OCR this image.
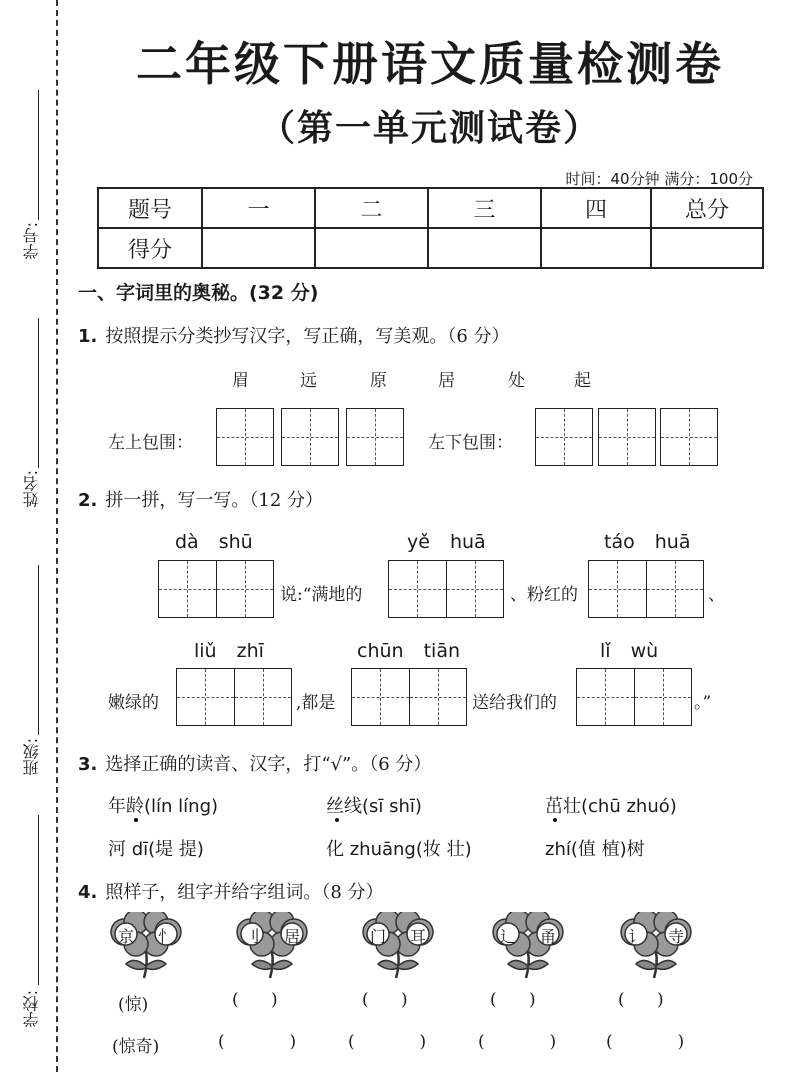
学号:
姓名:
班级:
学校:
二年级下册语文质量检测卷
（第一单元测试卷）
时间：40分钟 满分：100分
题号	一	二	三	四	总分
得分					
一、字词里的奥秘。(32 分)
1. 按照提示分类抄写汉字，写正确，写美观。（6 分）
眉	远	原	居	处	起
左上包围：	左下包围：
2. 拼一拼，写一写。（12 分）
dà shū	yě huā	táo huā
说:“满地的	、粉红的	、
liǔ zhī	chūn tiān	lǐ wù
嫩绿的	,都是	送给我们的	。”
3. 选择正确的读音、汉字，打“√”。（6 分）
年龄(lín líng)	丝线(sī shī)	茁壮(chū zhuó)
河 dī(堤 提)	化 zhuāng(妆 壮)	zhí(值 植)树
4. 照样子，组字并给字组词。（8 分）
京 忄	刂 居	门 耳	辶 甬	讠 寺
(惊)	(      )	(      )	(      )	(      )
(惊奇)	(            )	(            )	(            )	(            )
